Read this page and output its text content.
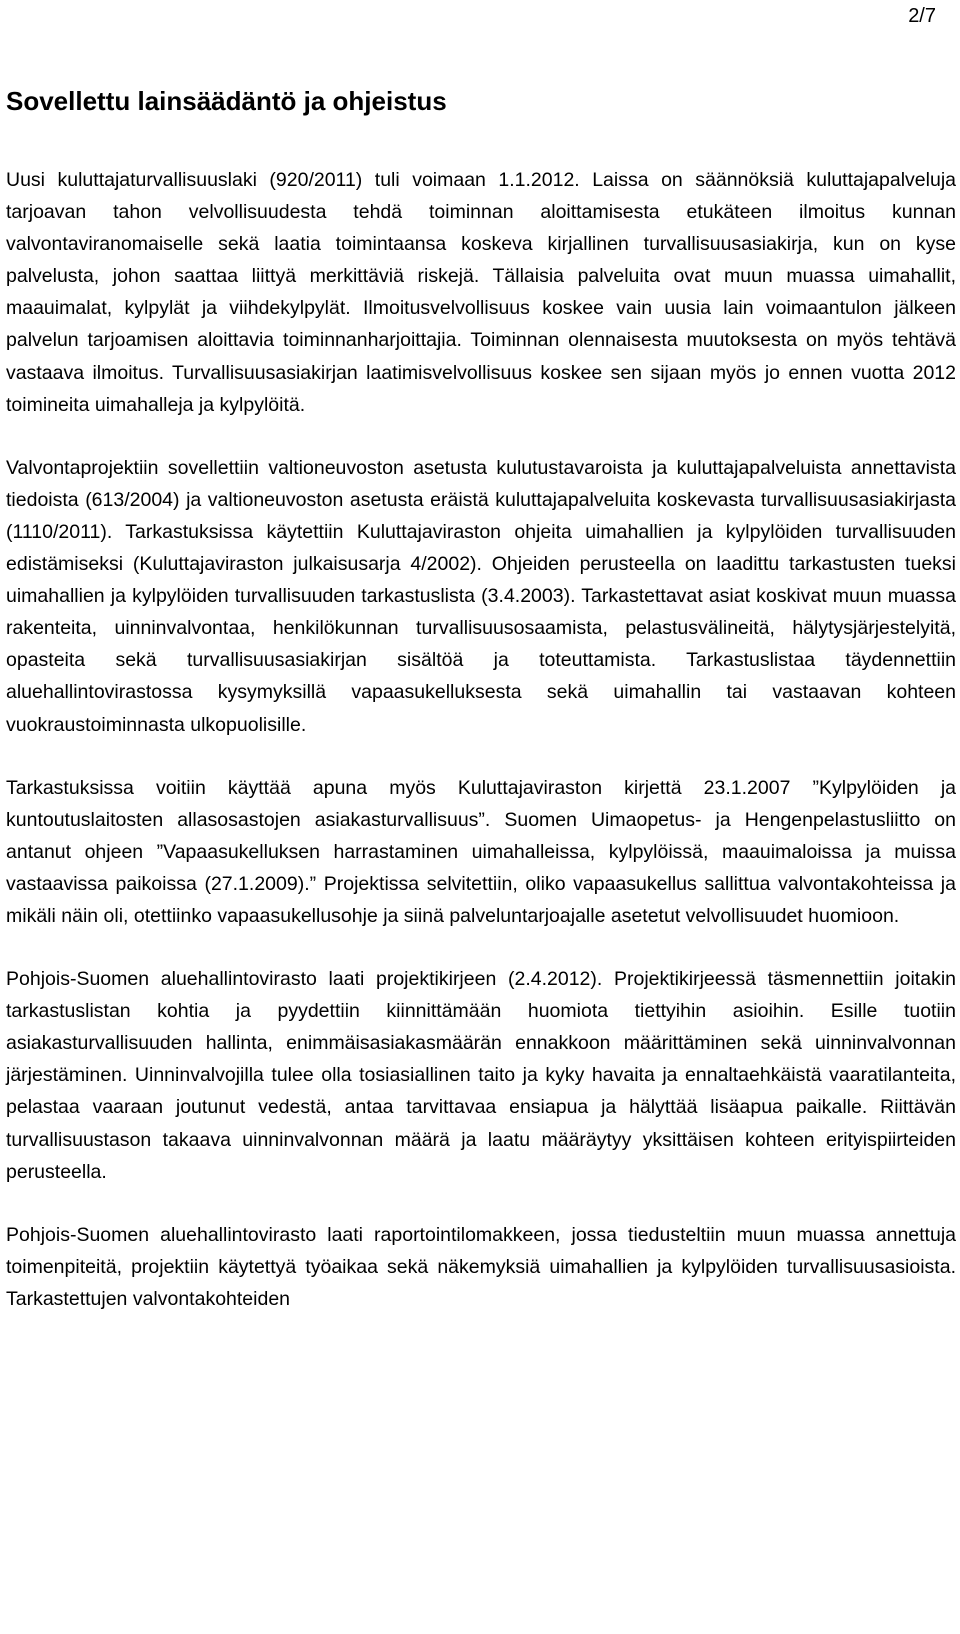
2/7
Sovellettu lainsäädäntö ja ohjeistus

Uusi kuluttajaturvallisuuslaki (920/2011) tuli voimaan 1.1.2012. Laissa on säännöksiä kuluttajapalveluja tarjoavan tahon velvollisuudesta tehdä toiminnan aloittamisesta etukäteen ilmoitus kunnan valvontaviranomaiselle sekä laatia toimintaansa koskeva kirjallinen turvallisuusasiakirja, kun on kyse palvelusta, johon saattaa liittyä merkittäviä riskejä. Tällaisia palveluita ovat muun muassa uimahallit, maauimalat, kylpylät ja viihdekylpylät. Ilmoitusvelvollisuus koskee vain uusia lain voimaantulon jälkeen palvelun tarjoamisen aloittavia toiminnanharjoittajia. Toiminnan olennaisesta muutoksesta on myös tehtävä vastaava ilmoitus. Turvallisuusasiakirjan laatimisvelvollisuus koskee sen sijaan myös jo ennen vuotta 2012 toimineita uimahalleja ja kylpylöitä.

Valvontaprojektiin sovellettiin valtioneuvoston asetusta kulutustavaroista ja kuluttajapalveluista annettavista tiedoista (613/2004) ja valtioneuvoston asetusta eräistä kuluttajapalveluita koskevasta turvallisuusasiakirjasta (1110/2011). Tarkastuksissa käytettiin Kuluttajaviraston ohjeita uimahallien ja kylpylöiden turvallisuuden edistämiseksi (Kuluttajaviraston julkaisusarja 4/2002). Ohjeiden perusteella on laadittu tarkastusten tueksi uimahallien ja kylpylöiden turvallisuuden tarkastuslista (3.4.2003). Tarkastettavat asiat koskivat muun muassa rakenteita, uinninvalvontaa, henkilökunnan turvallisuusosaamista, pelastusvälineitä, hälytysjärjestelyitä, opasteita sekä turvallisuusasiakirjan sisältöä ja toteuttamista. Tarkastuslistaa täydennettiin aluehallintovirastossa kysymyksillä vapaasukelluksesta sekä uimahallin tai vastaavan kohteen vuokraustoiminnasta ulkopuolisille.

Tarkastuksissa voitiin käyttää apuna myös Kuluttajaviraston kirjettä 23.1.2007 ”Kylpylöiden ja kuntoutuslaitosten allasosastojen asiakasturvallisuus”. Suomen Uimaopetus- ja Hengenpelastusliitto on antanut ohjeen ”Vapaasukelluksen harrastaminen uimahalleissa, kylpylöissä, maauimaloissa ja muissa vastaavissa paikoissa (27.1.2009).” Projektissa selvitettiin, oliko vapaasukellus sallittua valvontakohteissa ja mikäli näin oli, otettiinko vapaasukellusohje ja siinä palveluntarjoajalle asetetut velvollisuudet huomioon.

Pohjois-Suomen aluehallintovirasto laati projektikirjeen (2.4.2012). Projektikirjeessä täsmennettiin joitakin tarkastuslistan kohtia ja pyydettiin kiinnittämään huomiota tiettyihin asioihin. Esille tuotiin asiakasturvallisuuden hallinta, enimmäisasiakasmäärän ennakkoon määrittäminen sekä uinninvalvonnan järjestäminen. Uinninvalvojilla tulee olla tosiasiallinen taito ja kyky havaita ja ennaltaehkäistä vaaratilanteita, pelastaa vaaraan joutunut vedestä, antaa tarvittavaa ensiapua ja hälyttää lisäapua paikalle. Riittävän turvallisuustason takaava uinninvalvonnan määrä ja laatu määräytyy yksittäisen kohteen erityispiirteiden perusteella.

Pohjois-Suomen aluehallintovirasto laati raportointilomakkeen, jossa tiedusteltiin muun muassa annettuja toimenpiteitä, projektiin käytettyä työaikaa sekä näkemyksiä uimahallien ja kylpylöiden turvallisuusasioista. Tarkastettujen valvontakohteiden
